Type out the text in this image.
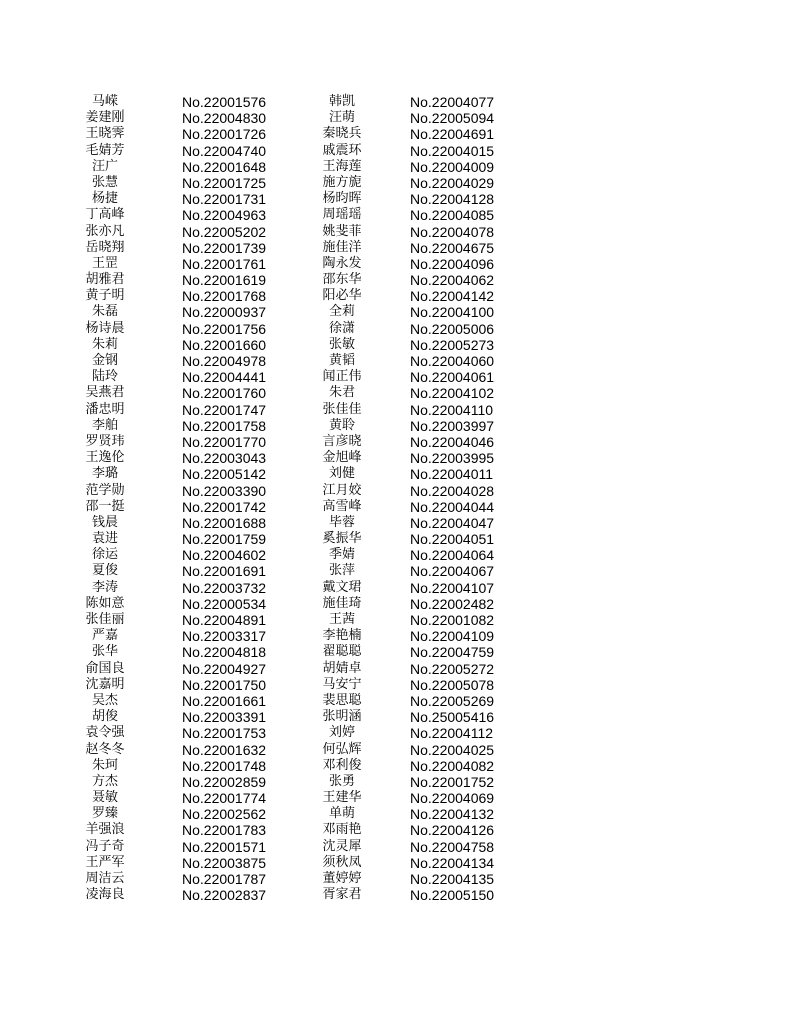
马嵘	No.22001576	韩凯	No.22004077
姜建刚	No.22004830	汪萌	No.22005094
王晓霁	No.22001726	秦晓兵	No.22004691
毛婧芳	No.22004740	戚震环	No.22004015
汪广	No.22001648	王海莲	No.22004009
张慧	No.22001725	施方旎	No.22004029
杨捷	No.22001731	杨昀晖	No.22004128
丁高峰	No.22004963	周瑶瑶	No.22004085
张亦凡	No.22005202	姚斐菲	No.22004078
岳晓翔	No.22001739	施佳洋	No.22004675
王罡	No.22001761	陶永发	No.22004096
胡雅君	No.22001619	邵东华	No.22004062
黄子明	No.22001768	阳必华	No.22004142
朱磊	No.22000937	全莉	No.22004100
杨诗晨	No.22001756	徐潇	No.22005006
朱莉	No.22001660	张敏	No.22005273
金钢	No.22004978	黄韬	No.22004060
陆玲	No.22004441	闻正伟	No.22004061
吴燕君	No.22001760	朱君	No.22004102
潘忠明	No.22001747	张佳佳	No.22004110
李舶	No.22001758	黄聆	No.22003997
罗贤玮	No.22001770	言彦晓	No.22004046
王逸伦	No.22003043	金旭峰	No.22003995
李璐	No.22005142	刘健	No.22004011
范学勋	No.22003390	江月姣	No.22004028
邵一挺	No.22001742	高雪峰	No.22004044
钱晨	No.22001688	毕蓉	No.22004047
袁进	No.22001759	奚振华	No.22004051
徐运	No.22004602	季婧	No.22004064
夏俊	No.22001691	张萍	No.22004067
李涛	No.22003732	戴文珺	No.22004107
陈如意	No.22000534	施佳琦	No.22002482
张佳丽	No.22004891	王茜	No.22001082
严嘉	No.22003317	李艳楠	No.22004109
张华	No.22004818	翟聪聪	No.22004759
俞国良	No.22004927	胡婧卓	No.22005272
沈嘉明	No.22001750	马安宁	No.22005078
吴杰	No.22001661	裴思聪	No.22005269
胡俊	No.22003391	张明涵	No.25005416
袁令强	No.22001753	刘婷	No.22004112
赵冬冬	No.22001632	何弘辉	No.22004025
朱珂	No.22001748	邓利俊	No.22004082
方杰	No.22002859	张勇	No.22001752
聂敏	No.22001774	王建华	No.22004069
罗臻	No.22002562	单萌	No.22004132
羊强浪	No.22001783	邓雨艳	No.22004126
冯子奇	No.22001571	沈灵犀	No.22004758
王严军	No.22003875	须秋凤	No.22004134
周洁云	No.22001787	董婷婷	No.22004135
凌海良	No.22002837	胥家君	No.22005150
